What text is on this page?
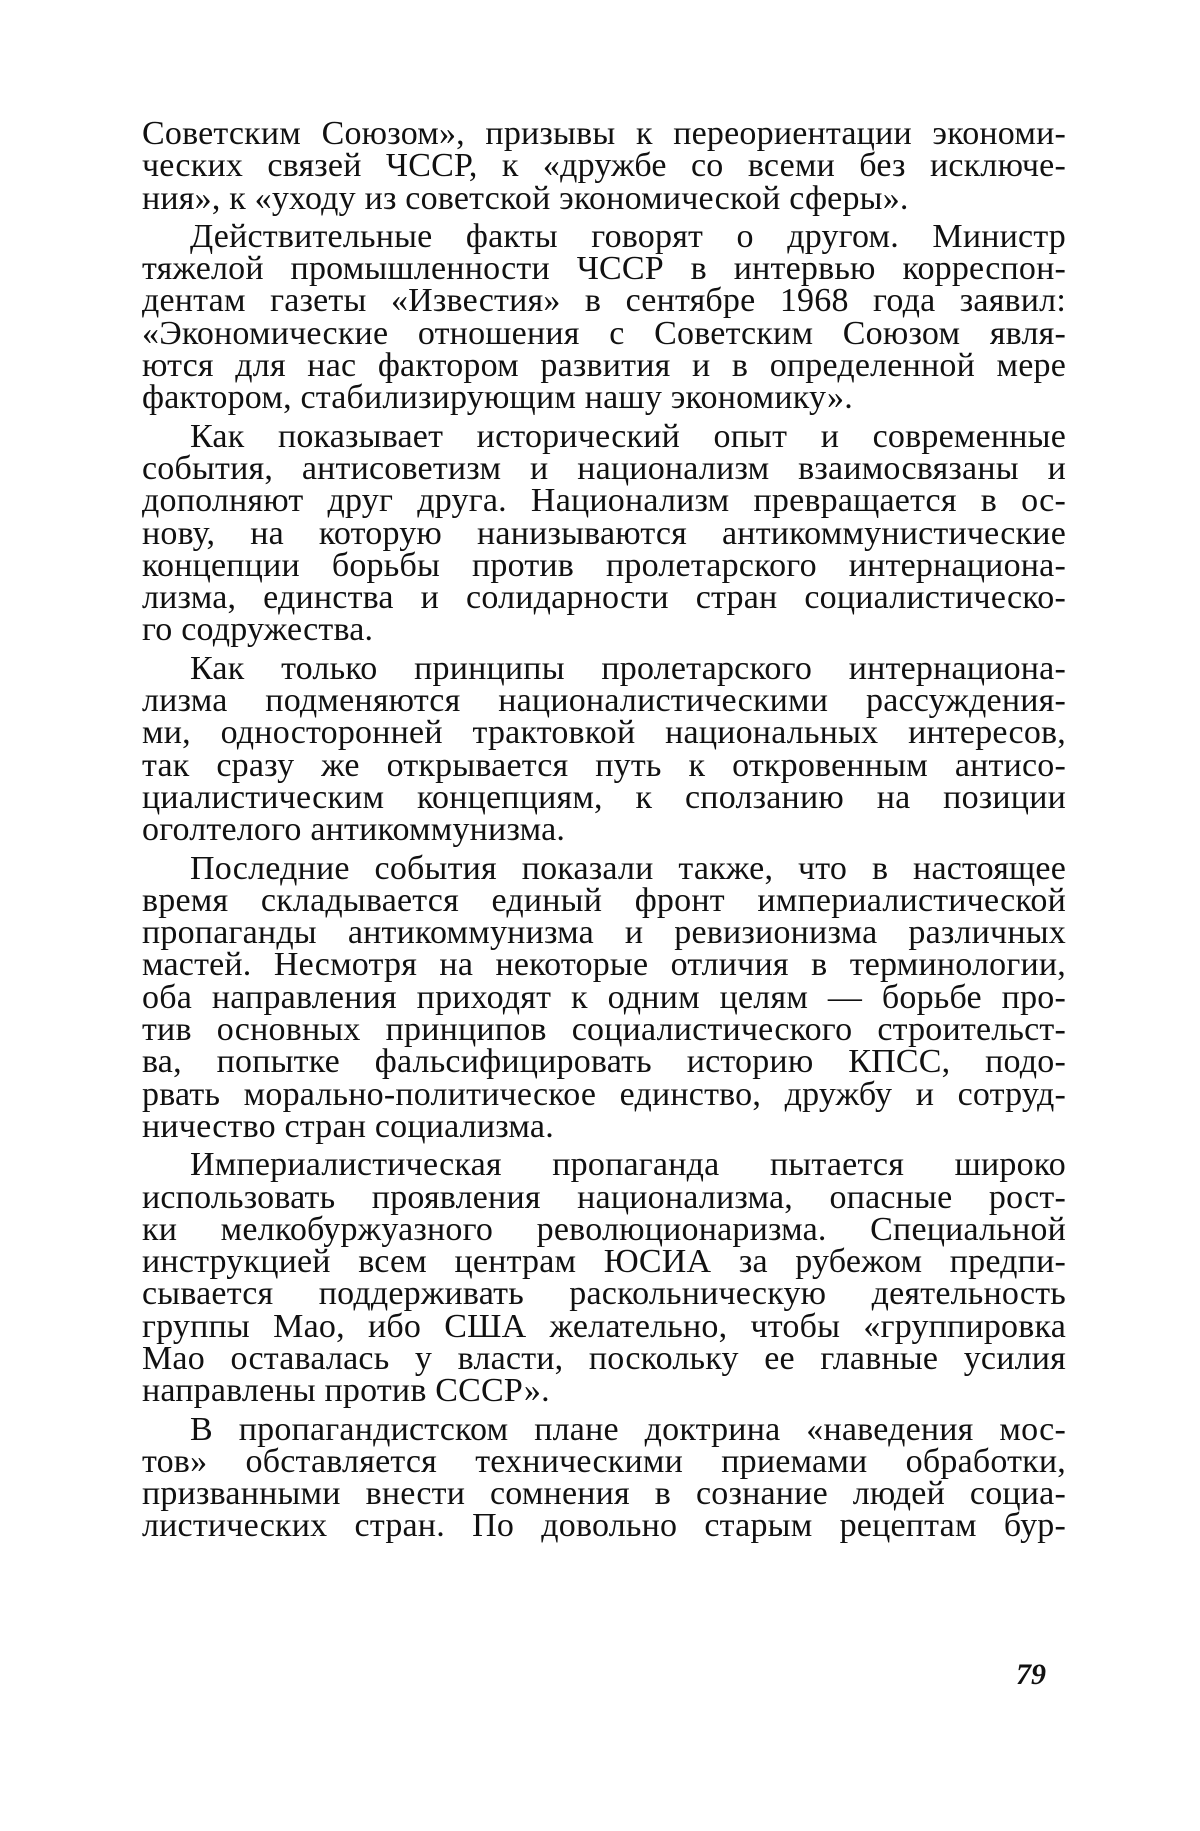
Советским Союзом», призывы к переориентации экономи-
ческих связей ЧССР, к «дружбе со всеми без исключе-
ния», к «уходу из советской экономической сферы».

Действительные факты говорят о другом. Министр
тяжелой промышленности ЧССР в интервью корреспон-
дентам газеты «Известия» в сентябре 1968 года заявил:
«Экономические отношения с Советским Союзом явля-
ются для нас фактором развития и в определенной мере
фактором, стабилизирующим нашу экономику».

Как показывает исторический опыт и современные
события, антисоветизм и национализм взаимосвязаны и
дополняют друг друга. Национализм превращается в ос-
нову, на которую нанизываются антикоммунистические
концепции борьбы против пролетарского интернациона-
лизма, единства и солидарности стран социалистическо-
го содружества.

Как только принципы пролетарского интернациона-
лизма подменяются националистическими рассуждения-
ми, односторонней трактовкой национальных интересов,
так сразу же открывается путь к откровенным антисо-
циалистическим концепциям, к сползанию на позиции
оголтелого антикоммунизма.

Последние события показали также, что в настоящее
время складывается единый фронт империалистической
пропаганды антикоммунизма и ревизионизма различных
мастей. Несмотря на некоторые отличия в терминологии,
оба направления приходят к одним целям — борьбе про-
тив основных принципов социалистического строительст-
ва, попытке фальсифицировать историю КПСС, подо-
рвать морально-политическое единство, дружбу и сотруд-
ничество стран социализма.

Империалистическая пропаганда пытается широко
использовать проявления национализма, опасные рост-
ки мелкобуржуазного революционаризма. Специальной
инструкцией всем центрам ЮСИА за рубежом предпи-
сывается поддерживать раскольническую деятельность
группы Мао, ибо США желательно, чтобы «группировка
Мао оставалась у власти, поскольку ее главные усилия
направлены против СССР».

В пропагандистском плане доктрина «наведения мос-
тов» обставляется техническими приемами обработки,
призванными внести сомнения в сознание людей социа-
листических стран. По довольно старым рецептам бур-

79
